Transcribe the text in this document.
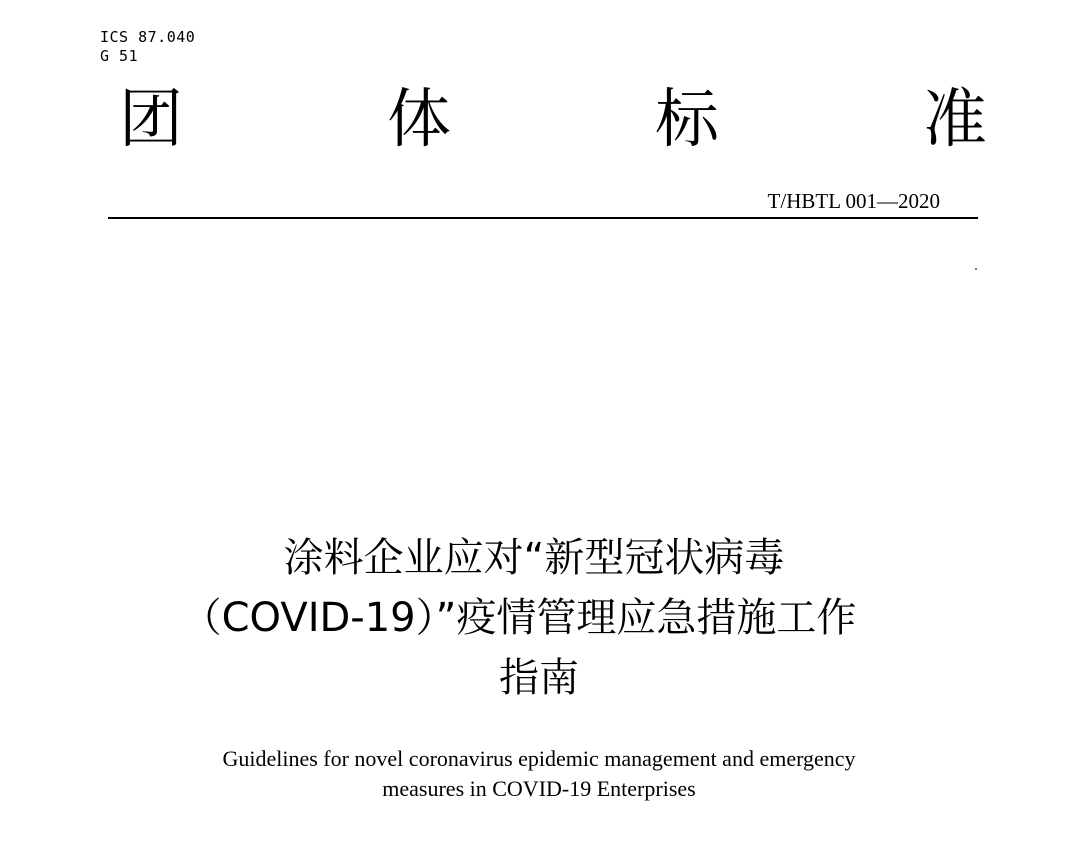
ICS 87.040
G 51
团	体	标	准
T/HBTL 001—2020
涂料企业应对“新型冠状病毒
（COVID-19）”疫情管理应急措施工作
指南
Guidelines for novel coronavirus epidemic management and emergency
measures in COVID-19 Enterprises
